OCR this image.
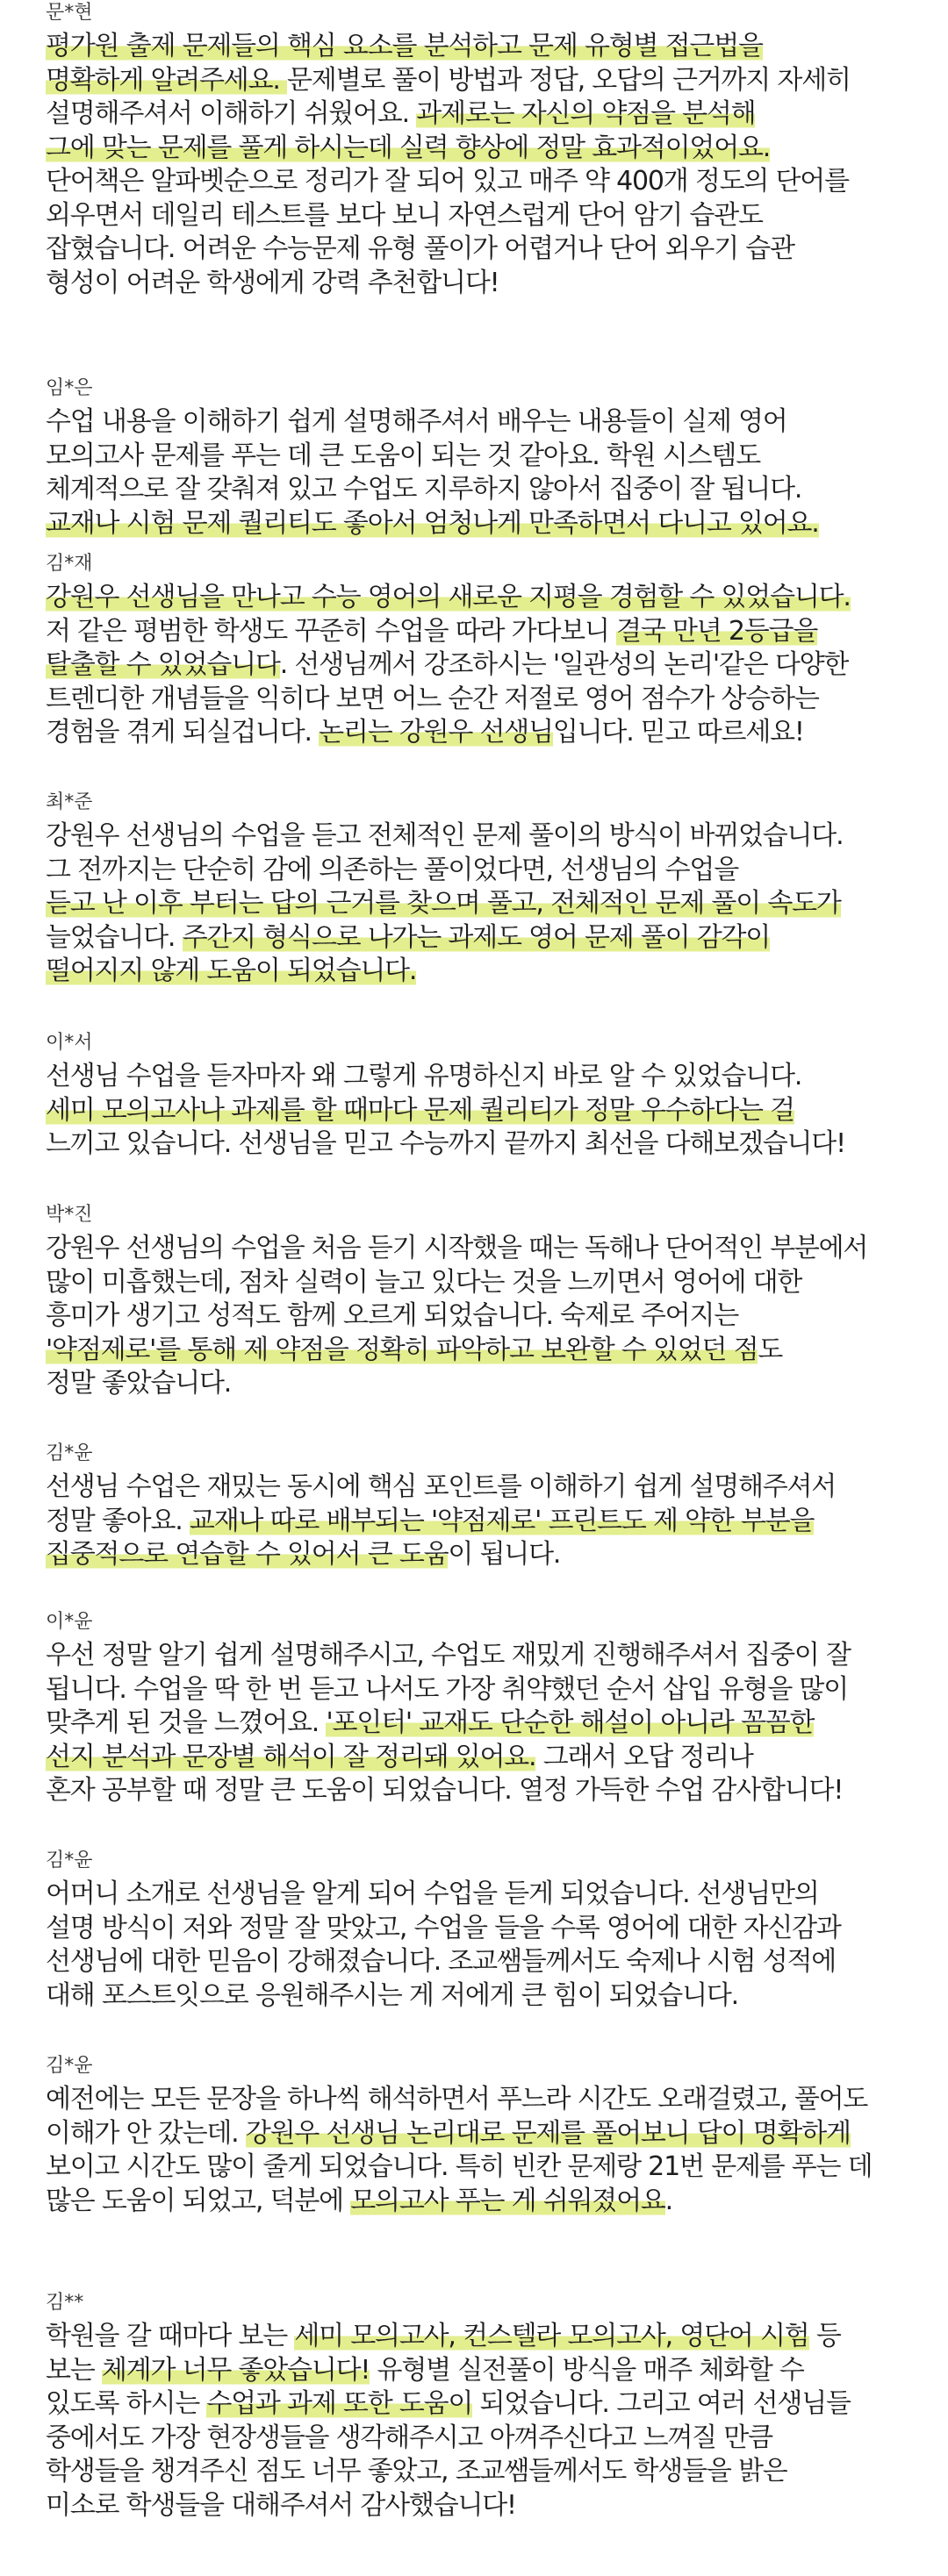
문*현

평가원 출제 문제들의 핵심 요소를 분석하고 문제 유형별 접근법을
명확하게 알려주세요. 문제별로 풀이 방법과 정답, 오답의 근거까지 자세히
설명해주셔서 이해하기 쉬웠어요. 과제로는 자신의 약점을 분석해
그에 맞는 문제를 풀게 하시는데 실력 향상에 정말 효과적이었어요.
단어책은 알파벳순으로 정리가 잘 되어 있고 매주 약 400개 정도의 단어를
외우면서 데일리 테스트를 보다 보니 자연스럽게 단어 암기 습관도
잡혔습니다. 어려운 수능문제 유형 풀이가 어렵거나 단어 외우기 습관
형성이 어려운 학생에게 강력 추천합니다!

임*은

수업 내용을 이해하기 쉽게 설명해주셔서 배우는 내용들이 실제 영어
모의고사 문제를 푸는 데 큰 도움이 되는 것 같아요. 학원 시스템도
체계적으로 잘 갖춰져 있고 수업도 지루하지 않아서 집중이 잘 됩니다.
교재나 시험 문제 퀄리티도 좋아서 엄청나게 만족하면서 다니고 있어요.

김*재

강원우 선생님을 만나고 수능 영어의 새로운 지평을 경험할 수 있었습니다.
저 같은 평범한 학생도 꾸준히 수업을 따라 가다보니 결국 만년 2등급을
탈출할 수 있었습니다. 선생님께서 강조하시는 '일관성의 논리'같은 다양한
트렌디한 개념들을 익히다 보면 어느 순간 저절로 영어 점수가 상승하는
경험을 겪게 되실겁니다. 논리는 강원우 선생님입니다. 믿고 따르세요!

최*준

강원우 선생님의 수업을 듣고 전체적인 문제 풀이의 방식이 바뀌었습니다.
그 전까지는 단순히 감에 의존하는 풀이었다면, 선생님의 수업을
듣고 난 이후 부터는 답의 근거를 찾으며 풀고, 전체적인 문제 풀이 속도가
늘었습니다. 주간지 형식으로 나가는 과제도 영어 문제 풀이 감각이
떨어지지 않게 도움이 되었습니다.

이*서

선생님 수업을 듣자마자 왜 그렇게 유명하신지 바로 알 수 있었습니다.
세미 모의고사나 과제를 할 때마다 문제 퀄리티가 정말 우수하다는 걸
느끼고 있습니다. 선생님을 믿고 수능까지 끝까지 최선을 다해보겠습니다!

박*진

강원우 선생님의 수업을 처음 듣기 시작했을 때는 독해나 단어적인 부분에서
많이 미흡했는데, 점차 실력이 늘고 있다는 것을 느끼면서 영어에 대한
흥미가 생기고 성적도 함께 오르게 되었습니다. 숙제로 주어지는
'약점제로'를 통해 제 약점을 정확히 파악하고 보완할 수 있었던 점도
정말 좋았습니다.

김*윤

선생님 수업은 재밌는 동시에 핵심 포인트를 이해하기 쉽게 설명해주셔서
정말 좋아요. 교재나 따로 배부되는 '약점제로' 프린트도 제 약한 부분을
집중적으로 연습할 수 있어서 큰 도움이 됩니다.

이*윤

우선 정말 알기 쉽게 설명해주시고, 수업도 재밌게 진행해주셔서 집중이 잘
됩니다. 수업을 딱 한 번 듣고 나서도 가장 취약했던 순서 삽입 유형을 많이
맞추게 된 것을 느꼈어요. '포인터' 교재도 단순한 해설이 아니라 꼼꼼한
선지 분석과 문장별 해석이 잘 정리돼 있어요. 그래서 오답 정리나
혼자 공부할 때 정말 큰 도움이 되었습니다. 열정 가득한 수업 감사합니다!

김*윤

어머니 소개로 선생님을 알게 되어 수업을 듣게 되었습니다. 선생님만의
설명 방식이 저와 정말 잘 맞았고, 수업을 들을 수록 영어에 대한 자신감과
선생님에 대한 믿음이 강해졌습니다. 조교쌤들께서도 숙제나 시험 성적에
대해 포스트잇으로 응원해주시는 게 저에게 큰 힘이 되었습니다.

김*윤

예전에는 모든 문장을 하나씩 해석하면서 푸느라 시간도 오래걸렸고, 풀어도
이해가 안 갔는데. 강원우 선생님 논리대로 문제를 풀어보니 답이 명확하게
보이고 시간도 많이 줄게 되었습니다. 특히 빈칸 문제랑 21번 문제를 푸는 데
많은 도움이 되었고, 덕분에 모의고사 푸는 게 쉬워졌어요.

김**

학원을 갈 때마다 보는 세미 모의고사, 컨스텔라 모의고사, 영단어 시험 등
보는 체계가 너무 좋았습니다! 유형별 실전풀이 방식을 매주 체화할 수
있도록 하시는 수업과 과제 또한 도움이 되었습니다. 그리고 여러 선생님들
중에서도 가장 현장생들을 생각해주시고 아껴주신다고 느껴질 만큼
학생들을 챙겨주신 점도 너무 좋았고, 조교쌤들께서도 학생들을 밝은
미소로 학생들을 대해주셔서 감사했습니다!
